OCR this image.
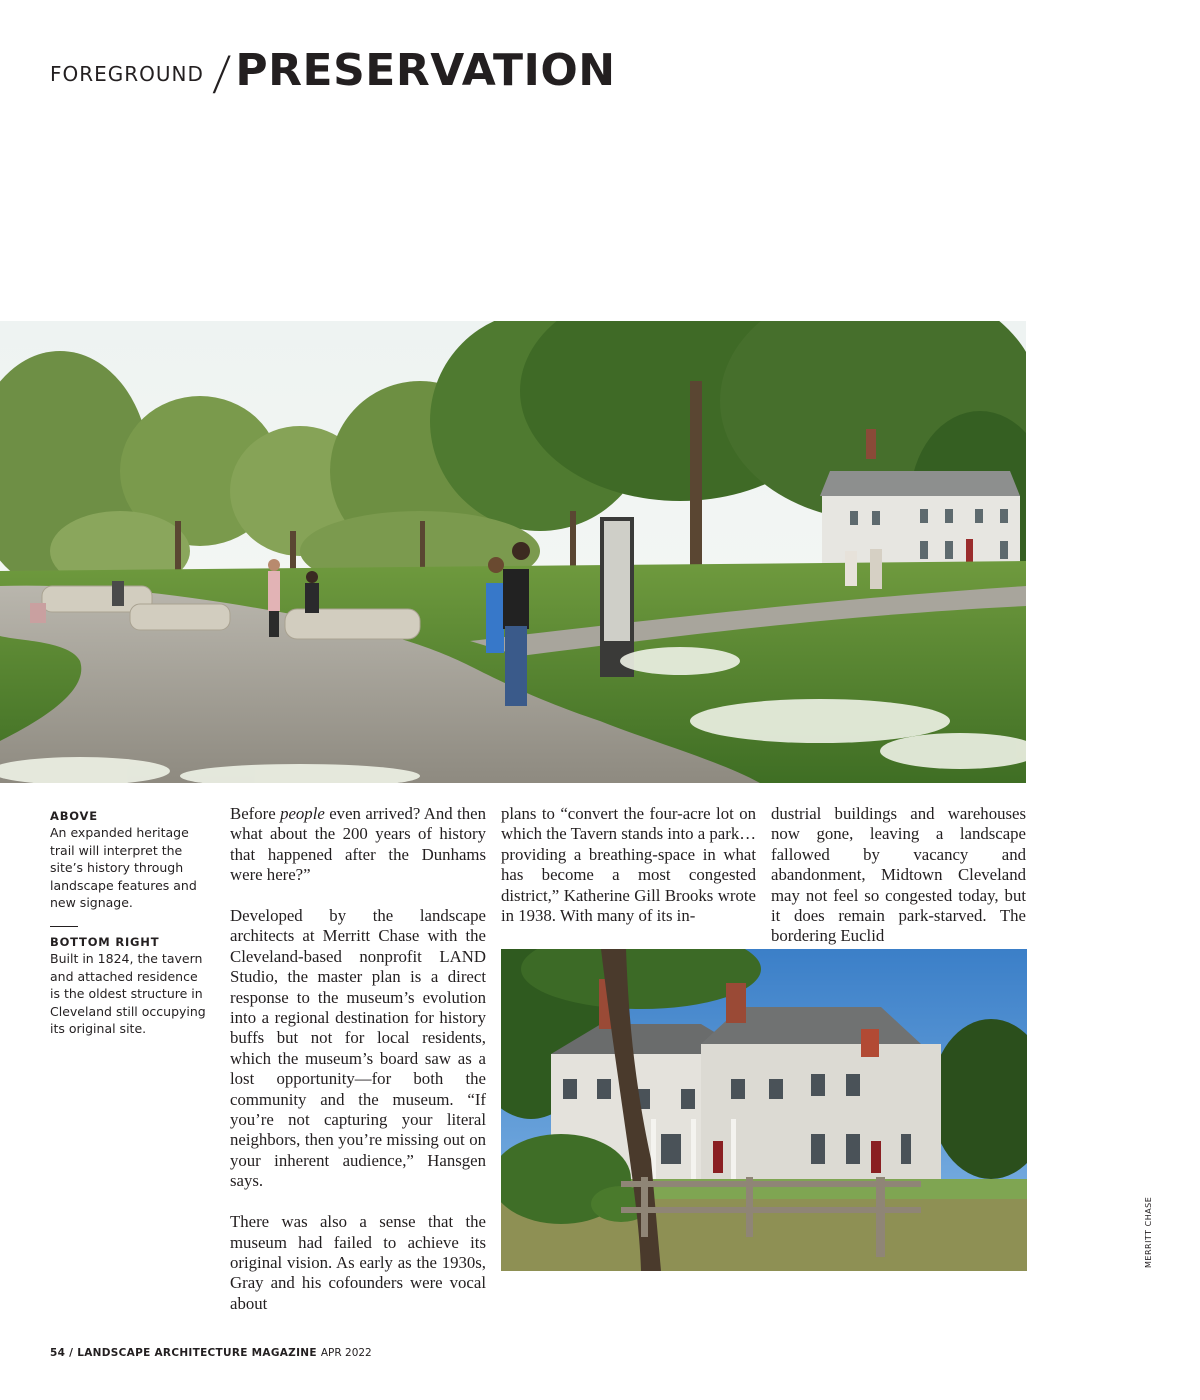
FOREGROUND / PRESERVATION

ABOVE

An expanded heritage trail will interpret the site’s history through landscape features and new signage.

BOTTOM RIGHT

Built in 1824, the tavern and attached residence is the oldest structure in Cleveland still occupying its original site.

Before people even arrived? And then what about the 200 years of history that happened after the Dunhams were here?”

Developed by the landscape architects at Merritt Chase with the Cleveland-based nonprofit LAND Studio, the master plan is a direct response to the museum’s evolution into a regional destination for history buffs but not for local residents, which the museum’s board saw as a lost opportunity—for both the community and the museum. “If you’re not capturing your literal neighbors, then you’re missing out on your inherent audience,” Hansgen says.

There was also a sense that the museum had failed to achieve its original vision. As early as the 1930s, Gray and his cofounders were vocal about

plans to “convert the four-acre lot on which the Tavern stands into a park…providing a breathing-space in what has become a most congested district,” Katherine Gill Brooks wrote in 1938. With many of its in-

dustrial buildings and warehouses now gone, leaving a landscape fallowed by vacancy and abandonment, Midtown Cleveland may not feel so congested today, but it does remain park-starved. The bordering Euclid

MERRITT CHASE
54 / LANDSCAPE ARCHITECTURE MAGAZINE APR 2022
